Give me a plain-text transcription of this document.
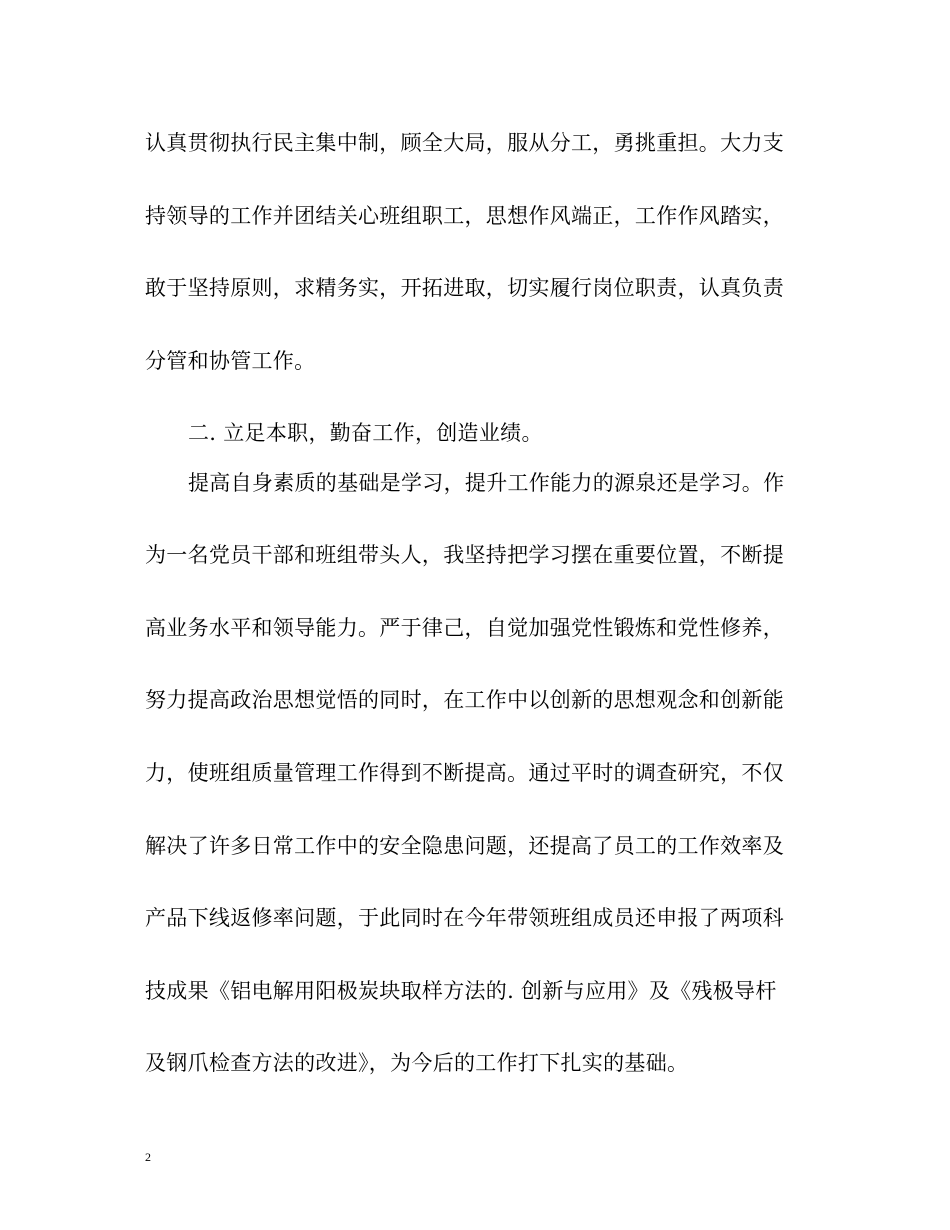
认真贯彻执行民主集中制，顾全大局，服从分工，勇挑重担。大力支
持领导的工作并团结关心班组职工，思想作风端正，工作作风踏实，
敢于坚持原则，求精务实，开拓进取，切实履行岗位职责，认真负责
分管和协管工作。
二. 立足本职，勤奋工作，创造业绩。
提高自身素质的基础是学习，提升工作能力的源泉还是学习。作
为一名党员干部和班组带头人，我坚持把学习摆在重要位置，不断提
高业务水平和领导能力。严于律己，自觉加强党性锻炼和党性修养，
努力提高政治思想觉悟的同时，在工作中以创新的思想观念和创新能
力，使班组质量管理工作得到不断提高。通过平时的调查研究，不仅
解决了许多日常工作中的安全隐患问题，还提高了员工的工作效率及
产品下线返修率问题，于此同时在今年带领班组成员还申报了两项科
技成果《铝电解用阳极炭块取样方法的. 创新与应用》及《残极导杆
及钢爪检查方法的改进》，为今后的工作打下扎实的基础。
2
